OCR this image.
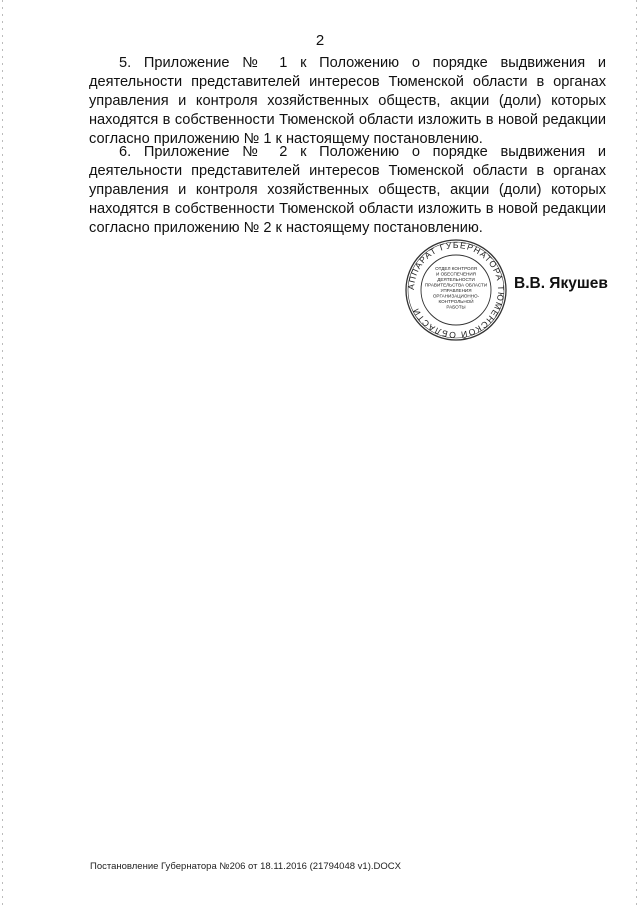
2

5. Приложение № 1 к Положению о порядке выдвижения и деятельности представителей интересов Тюменской области в органах управления и контроля хозяйственных обществ, акции (доли) которых находятся в собственности Тюменской области изложить в новой редакции согласно приложению № 1 к настоящему постановлению.

6. Приложение № 2 к Положению о порядке выдвижения и деятельности представителей интересов Тюменской области в органах управления и контроля хозяйственных обществ, акции (доли) которых находятся в собственности Тюменской области изложить в новой редакции согласно приложению № 2 к настоящему постановлению.

АППАРАТ ГУБЕРНАТОРА ТЮМЕНСКОЙ ОБЛАСТИ
ОТДЕЛ КОНТРОЛЯ
И ОБЕСПЕЧЕНИЯ
ДЕЯТЕЛЬНОСТИ
ПРАВИТЕЛЬСТВА ОБЛАСТИ
УПРАВЛЕНИЯ
ОРГАНИЗАЦИОННО-
КОНТРОЛЬНОЙ
РАБОТЫ
В.В. Якушев
Постановление Губернатора №206 от 18.11.2016 (21794048 v1).DOCX
